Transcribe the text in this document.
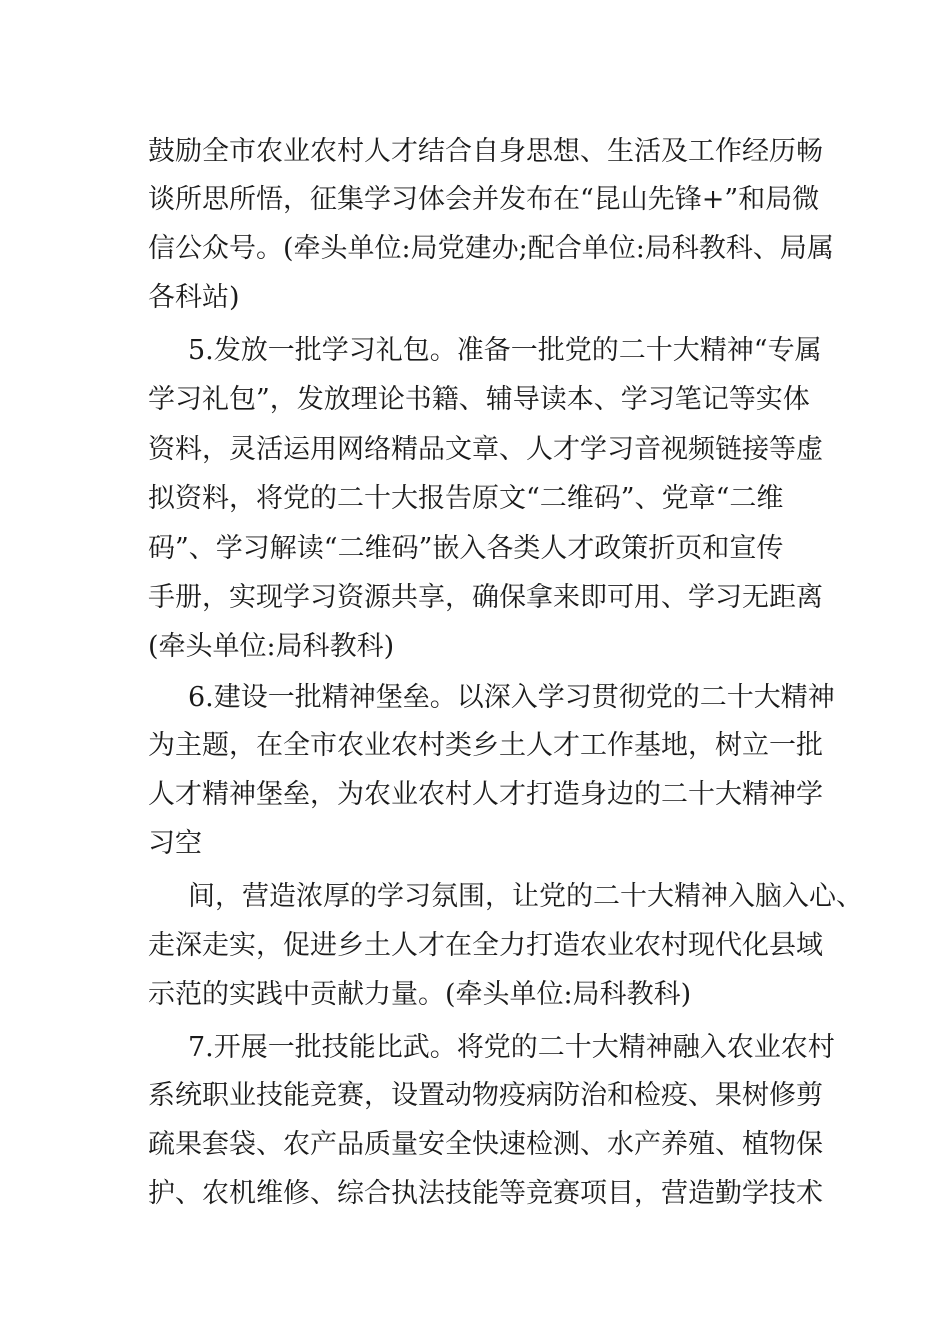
鼓励全市农业农村人才结合自身思想、生活及工作经历畅

谈所思所悟，征集学习体会并发布在“昆山先锋+”和局微

信公众号。(牵头单位:局党建办;配合单位:局科教科、局属

各科站)

5.发放一批学习礼包。准备一批党的二十大精神“专属

学习礼包”，发放理论书籍、辅导读本、学习笔记等实体

资料，灵活运用网络精品文章、人才学习音视频链接等虚

拟资料，将党的二十大报告原文“二维码”、党章“二维

码”、学习解读“二维码”嵌入各类人才政策折页和宣传

手册，实现学习资源共享，确保拿来即可用、学习无距离

(牵头单位:局科教科)

6.建设一批精神堡垒。以深入学习贯彻党的二十大精神

为主题，在全市农业农村类乡土人才工作基地，树立一批

人才精神堡垒，为农业农村人才打造身边的二十大精神学

习空

间，营造浓厚的学习氛围，让党的二十大精神入脑入心、

走深走实，促进乡土人才在全力打造农业农村现代化县域

示范的实践中贡献力量。(牵头单位:局科教科)

7.开展一批技能比武。将党的二十大精神融入农业农村

系统职业技能竞赛，设置动物疫病防治和检疫、果树修剪

疏果套袋、农产品质量安全快速检测、水产养殖、植物保

护、农机维修、综合执法技能等竞赛项目，营造勤学技术
